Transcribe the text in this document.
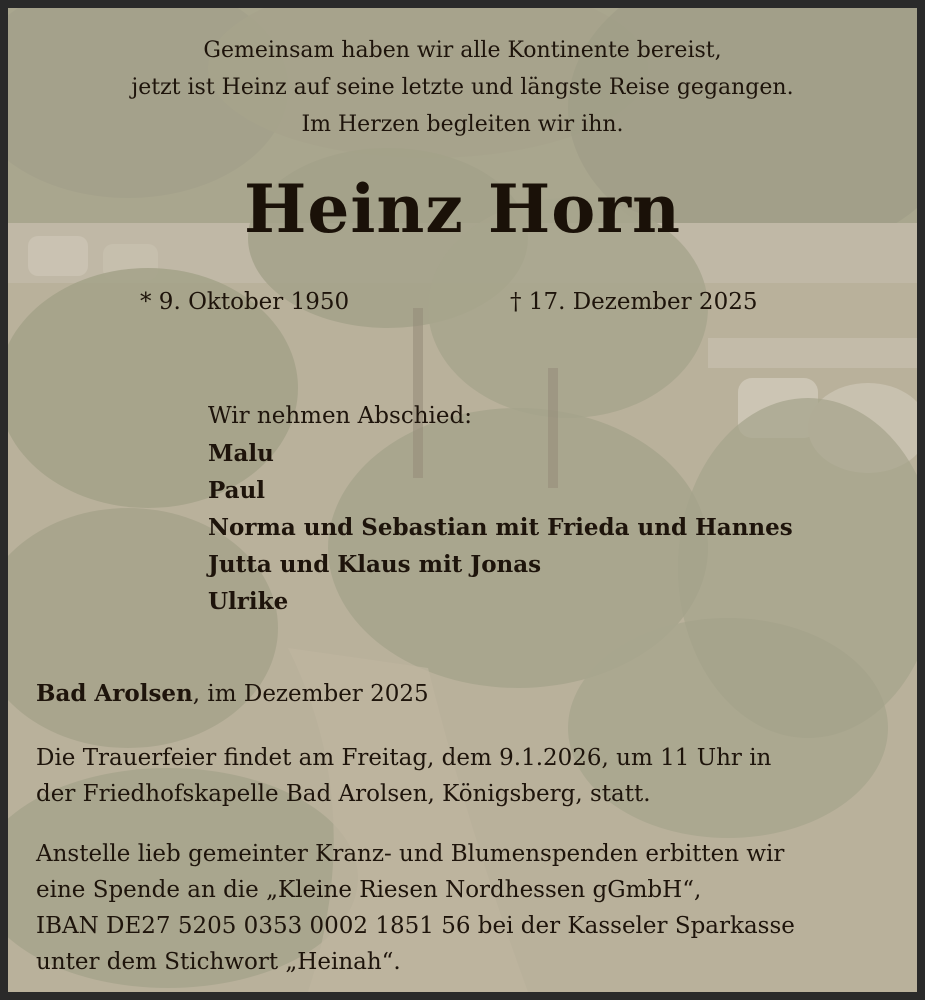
Gemeinsam haben wir alle Kontinente bereist,
jetzt ist Heinz auf seine letzte und längste Reise gegangen.
Im Herzen begleiten wir ihn.
Heinz Horn
* 9. Oktober 1950	† 17. Dezember 2025
Wir nehmen Abschied:
Malu
Paul
Norma und Sebastian mit Frieda und Hannes
Jutta und Klaus mit Jonas
Ulrike
Bad Arolsen, im Dezember 2025
Die Trauerfeier findet am Freitag, dem 9.1.2026, um 11 Uhr in
der Friedhofskapelle Bad Arolsen, Königsberg, statt.
Anstelle lieb gemeinter Kranz- und Blumenspenden erbitten wir
eine Spende an die „Kleine Riesen Nordhessen gGmbH“,
IBAN DE27 5205 0353 0002 1851 56 bei der Kasseler Sparkasse
unter dem Stichwort „Heinah“.
